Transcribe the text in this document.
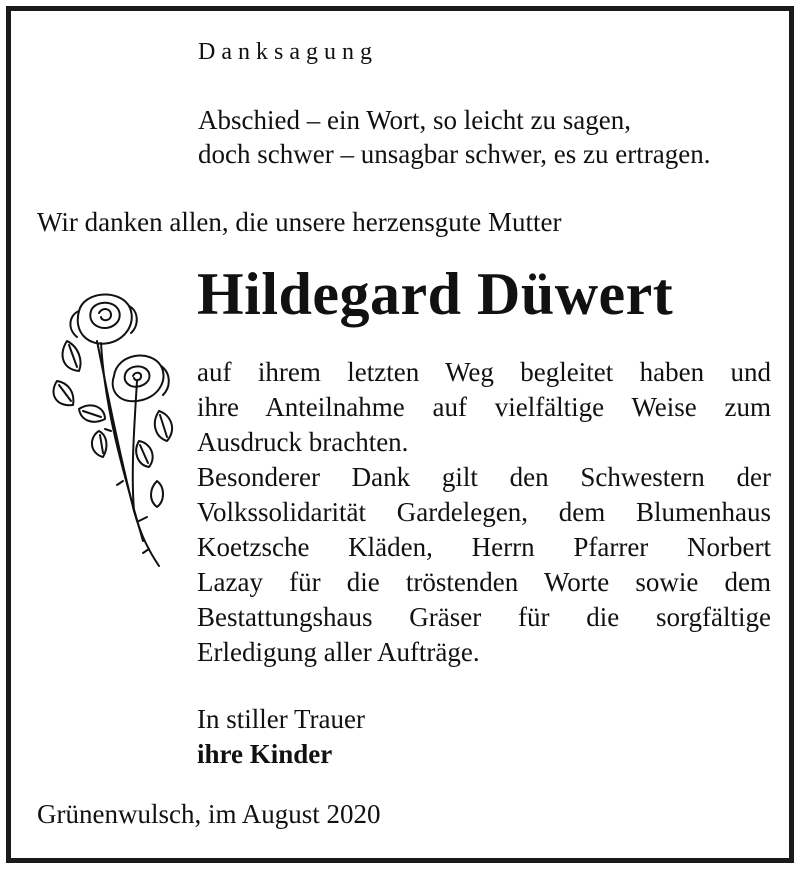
Danksagung
Abschied – ein Wort, so leicht zu sagen,
doch schwer – unsagbar schwer, es zu ertragen.
Wir danken allen, die unsere herzensgute Mutter
Hildegard Düwert
auf ihrem letzten Weg begleitet haben und
ihre Anteilnahme auf vielfältige Weise zum
Ausdruck brachten.
Besonderer Dank gilt den Schwestern der
Volkssolidarität Gardelegen, dem Blumenhaus
Koetzsche Kläden, Herrn Pfarrer Norbert
Lazay für die tröstenden Worte sowie dem
Bestattungshaus Gräser für die sorgfältige
Erledigung aller Aufträge.
In stiller Trauer
ihre Kinder
Grünenwulsch, im August 2020
